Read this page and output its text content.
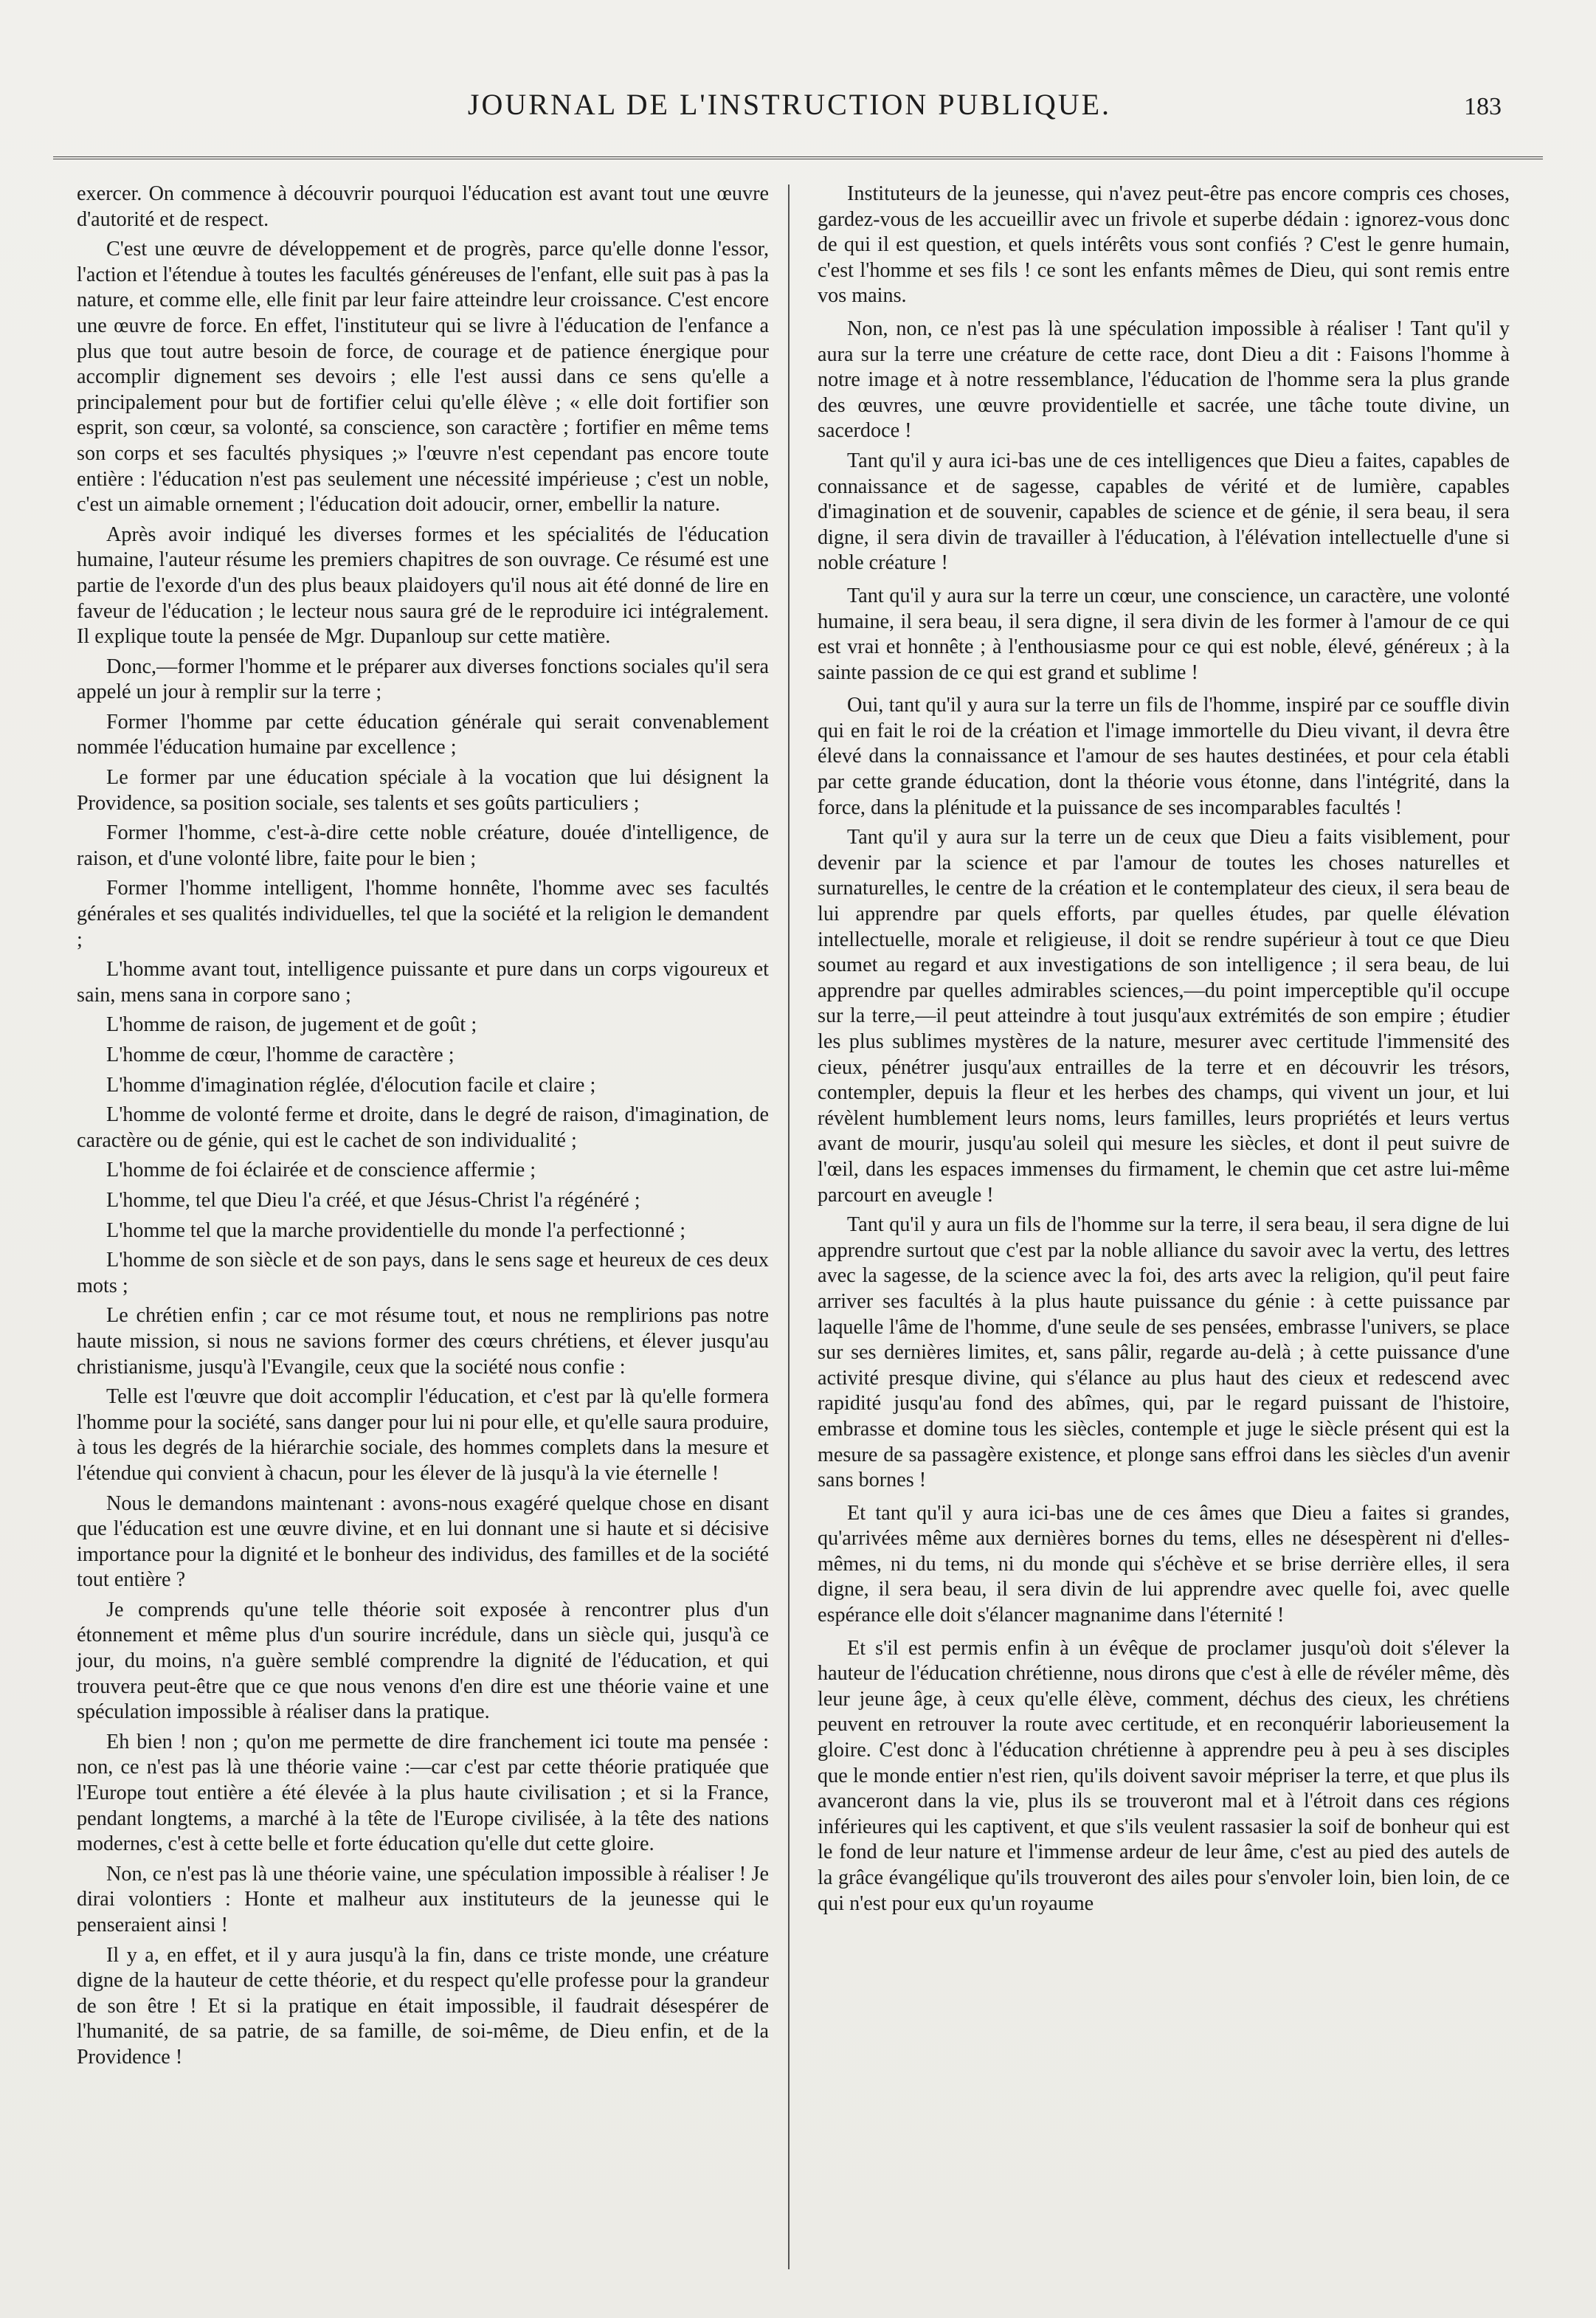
JOURNAL DE L'INSTRUCTION PUBLIQUE.	183

exercer. On commence à découvrir pourquoi l'éducation est avant tout une œuvre d'autorité et de respect.

C'est une œuvre de développement et de progrès, parce qu'elle donne l'essor, l'action et l'étendue à toutes les facultés généreuses de l'enfant, elle suit pas à pas la nature, et comme elle, elle finit par leur faire atteindre leur croissance. C'est encore une œuvre de force. En effet, l'instituteur qui se livre à l'éducation de l'enfance a plus que tout autre besoin de force, de courage et de patience énergique pour accomplir dignement ses devoirs ; elle l'est aussi dans ce sens qu'elle a principalement pour but de fortifier celui qu'elle élève ; « elle doit fortifier son esprit, son cœur, sa volonté, sa conscience, son caractère ; fortifier en même tems son corps et ses facultés physiques ;» l'œuvre n'est cependant pas encore toute entière : l'éducation n'est pas seulement une nécessité impérieuse ; c'est un noble, c'est un aimable ornement ; l'éducation doit adoucir, orner, embellir la nature.

Après avoir indiqué les diverses formes et les spécialités de l'éducation humaine, l'auteur résume les premiers chapitres de son ouvrage. Ce résumé est une partie de l'exorde d'un des plus beaux plaidoyers qu'il nous ait été donné de lire en faveur de l'éducation ; le lecteur nous saura gré de le reproduire ici intégralement. Il explique toute la pensée de Mgr. Dupanloup sur cette matière.

Donc,—former l'homme et le préparer aux diverses fonctions sociales qu'il sera appelé un jour à remplir sur la terre ;

Former l'homme par cette éducation générale qui serait convenablement nommée l'éducation humaine par excellence ;

Le former par une éducation spéciale à la vocation que lui désignent la Providence, sa position sociale, ses talents et ses goûts particuliers ;

Former l'homme, c'est-à-dire cette noble créature, douée d'intelligence, de raison, et d'une volonté libre, faite pour le bien ;

Former l'homme intelligent, l'homme honnête, l'homme avec ses facultés générales et ses qualités individuelles, tel que la société et la religion le demandent ;

L'homme avant tout, intelligence puissante et pure dans un corps vigoureux et sain, mens sana in corpore sano ;

L'homme de raison, de jugement et de goût ;

L'homme de cœur, l'homme de caractère ;

L'homme d'imagination réglée, d'élocution facile et claire ;

L'homme de volonté ferme et droite, dans le degré de raison, d'imagination, de caractère ou de génie, qui est le cachet de son individualité ;

L'homme de foi éclairée et de conscience affermie ;

L'homme, tel que Dieu l'a créé, et que Jésus-Christ l'a régénéré ;

L'homme tel que la marche providentielle du monde l'a perfectionné ;

L'homme de son siècle et de son pays, dans le sens sage et heureux de ces deux mots ;

Le chrétien enfin ; car ce mot résume tout, et nous ne remplirions pas notre haute mission, si nous ne savions former des cœurs chrétiens, et élever jusqu'au christianisme, jusqu'à l'Evangile, ceux que la société nous confie :

Telle est l'œuvre que doit accomplir l'éducation, et c'est par là qu'elle formera l'homme pour la société, sans danger pour lui ni pour elle, et qu'elle saura produire, à tous les degrés de la hiérarchie sociale, des hommes complets dans la mesure et l'étendue qui convient à chacun, pour les élever de là jusqu'à la vie éternelle !

Nous le demandons maintenant : avons-nous exagéré quelque chose en disant que l'éducation est une œuvre divine, et en lui donnant une si haute et si décisive importance pour la dignité et le bonheur des individus, des familles et de la société tout entière ?

Je comprends qu'une telle théorie soit exposée à rencontrer plus d'un étonnement et même plus d'un sourire incrédule, dans un siècle qui, jusqu'à ce jour, du moins, n'a guère semblé comprendre la dignité de l'éducation, et qui trouvera peut-être que ce que nous venons d'en dire est une théorie vaine et une spéculation impossible à réaliser dans la pratique.

Eh bien ! non ; qu'on me permette de dire franchement ici toute ma pensée : non, ce n'est pas là une théorie vaine :—car c'est par cette théorie pratiquée que l'Europe tout entière a été élevée à la plus haute civilisation ; et si la France, pendant longtems, a marché à la tête de l'Europe civilisée, à la tête des nations modernes, c'est à cette belle et forte éducation qu'elle dut cette gloire.

Non, ce n'est pas là une théorie vaine, une spéculation impossible à réaliser ! Je dirai volontiers : Honte et malheur aux instituteurs de la jeunesse qui le penseraient ainsi !

Il y a, en effet, et il y aura jusqu'à la fin, dans ce triste monde, une créature digne de la hauteur de cette théorie, et du respect qu'elle professe pour la grandeur de son être ! Et si la pratique en était impossible, il faudrait désespérer de l'humanité, de sa patrie, de sa famille, de soi-même, de Dieu enfin, et de la Providence !

Instituteurs de la jeunesse, qui n'avez peut-être pas encore compris ces choses, gardez-vous de les accueillir avec un frivole et superbe dédain : ignorez-vous donc de qui il est question, et quels intérêts vous sont confiés ? C'est le genre humain, c'est l'homme et ses fils ! ce sont les enfants mêmes de Dieu, qui sont remis entre vos mains.

Non, non, ce n'est pas là une spéculation impossible à réaliser ! Tant qu'il y aura sur la terre une créature de cette race, dont Dieu a dit : Faisons l'homme à notre image et à notre ressemblance, l'éducation de l'homme sera la plus grande des œuvres, une œuvre providentielle et sacrée, une tâche toute divine, un sacerdoce !

Tant qu'il y aura ici-bas une de ces intelligences que Dieu a faites, capables de connaissance et de sagesse, capables de vérité et de lumière, capables d'imagination et de souvenir, capables de science et de génie, il sera beau, il sera digne, il sera divin de travailler à l'éducation, à l'élévation intellectuelle d'une si noble créature !

Tant qu'il y aura sur la terre un cœur, une conscience, un caractère, une volonté humaine, il sera beau, il sera digne, il sera divin de les former à l'amour de ce qui est vrai et honnête ; à l'enthousiasme pour ce qui est noble, élevé, généreux ; à la sainte passion de ce qui est grand et sublime !

Oui, tant qu'il y aura sur la terre un fils de l'homme, inspiré par ce souffle divin qui en fait le roi de la création et l'image immortelle du Dieu vivant, il devra être élevé dans la connaissance et l'amour de ses hautes destinées, et pour cela établi par cette grande éducation, dont la théorie vous étonne, dans l'intégrité, dans la force, dans la plénitude et la puissance de ses incomparables facultés !

Tant qu'il y aura sur la terre un de ceux que Dieu a faits visiblement, pour devenir par la science et par l'amour de toutes les choses naturelles et surnaturelles, le centre de la création et le contemplateur des cieux, il sera beau de lui apprendre par quels efforts, par quelles études, par quelle élévation intellectuelle, morale et religieuse, il doit se rendre supérieur à tout ce que Dieu soumet au regard et aux investigations de son intelligence ; il sera beau, de lui apprendre par quelles admirables sciences,—du point imperceptible qu'il occupe sur la terre,—il peut atteindre à tout jusqu'aux extrémités de son empire ; étudier les plus sublimes mystères de la nature, mesurer avec certitude l'immensité des cieux, pénétrer jusqu'aux entrailles de la terre et en découvrir les trésors, contempler, depuis la fleur et les herbes des champs, qui vivent un jour, et lui révèlent humblement leurs noms, leurs familles, leurs propriétés et leurs vertus avant de mourir, jusqu'au soleil qui mesure les siècles, et dont il peut suivre de l'œil, dans les espaces immenses du firmament, le chemin que cet astre lui-même parcourt en aveugle !

Tant qu'il y aura un fils de l'homme sur la terre, il sera beau, il sera digne de lui apprendre surtout que c'est par la noble alliance du savoir avec la vertu, des lettres avec la sagesse, de la science avec la foi, des arts avec la religion, qu'il peut faire arriver ses facultés à la plus haute puissance du génie : à cette puissance par laquelle l'âme de l'homme, d'une seule de ses pensées, embrasse l'univers, se place sur ses dernières limites, et, sans pâlir, regarde au-delà ; à cette puissance d'une activité presque divine, qui s'élance au plus haut des cieux et redescend avec rapidité jusqu'au fond des abîmes, qui, par le regard puissant de l'histoire, embrasse et domine tous les siècles, contemple et juge le siècle présent qui est la mesure de sa passagère existence, et plonge sans effroi dans les siècles d'un avenir sans bornes !

Et tant qu'il y aura ici-bas une de ces âmes que Dieu a faites si grandes, qu'arrivées même aux dernières bornes du tems, elles ne désespèrent ni d'elles-mêmes, ni du tems, ni du monde qui s'échève et se brise derrière elles, il sera digne, il sera beau, il sera divin de lui apprendre avec quelle foi, avec quelle espérance elle doit s'élancer magnanime dans l'éternité !

Et s'il est permis enfin à un évêque de proclamer jusqu'où doit s'élever la hauteur de l'éducation chrétienne, nous dirons que c'est à elle de révéler même, dès leur jeune âge, à ceux qu'elle élève, comment, déchus des cieux, les chrétiens peuvent en retrouver la route avec certitude, et en reconquérir laborieusement la gloire. C'est donc à l'éducation chrétienne à apprendre peu à peu à ses disciples que le monde entier n'est rien, qu'ils doivent savoir mépriser la terre, et que plus ils avanceront dans la vie, plus ils se trouveront mal et à l'étroit dans ces régions inférieures qui les captivent, et que s'ils veulent rassasier la soif de bonheur qui est le fond de leur nature et l'immense ardeur de leur âme, c'est au pied des autels de la grâce évangélique qu'ils trouveront des ailes pour s'envoler loin, bien loin, de ce qui n'est pour eux qu'un royaume
